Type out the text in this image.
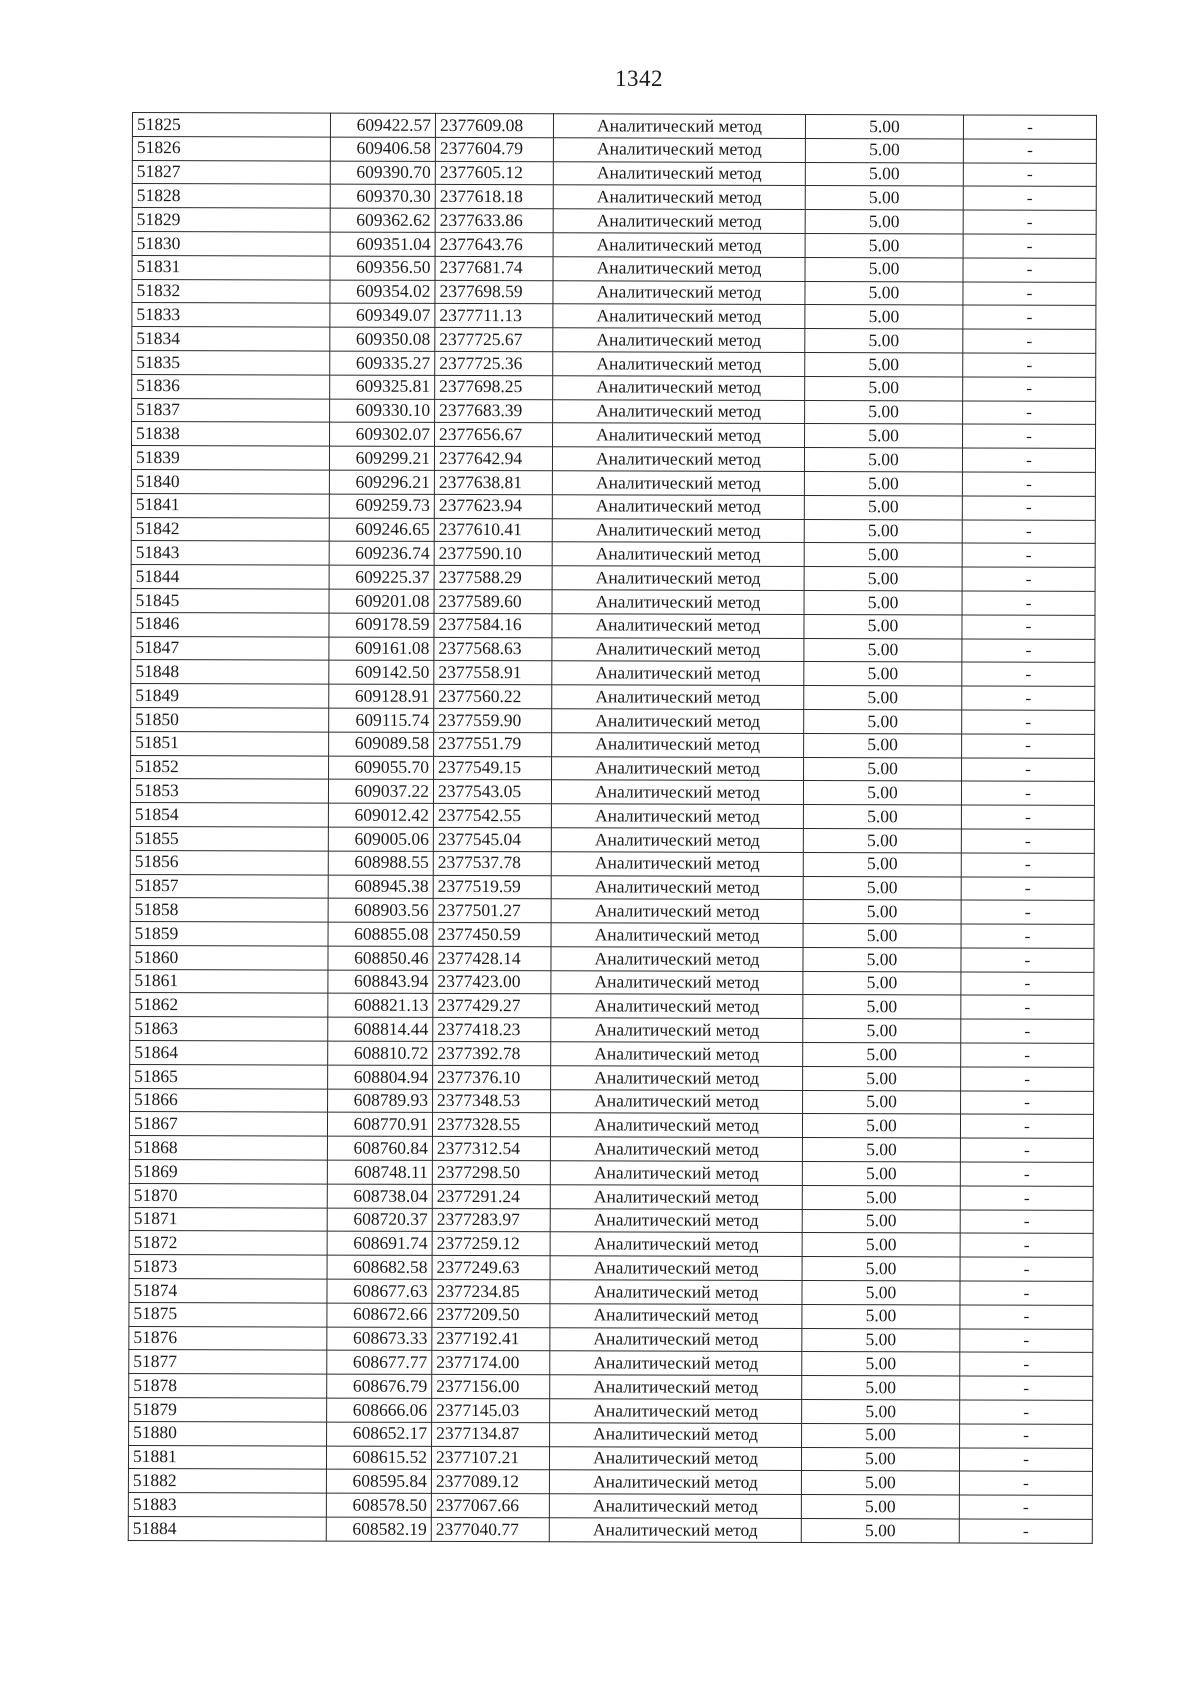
1342
51825	609422.57	2377609.08	Аналитический метод	5.00	-
51826	609406.58	2377604.79	Аналитический метод	5.00	-
51827	609390.70	2377605.12	Аналитический метод	5.00	-
51828	609370.30	2377618.18	Аналитический метод	5.00	-
51829	609362.62	2377633.86	Аналитический метод	5.00	-
51830	609351.04	2377643.76	Аналитический метод	5.00	-
51831	609356.50	2377681.74	Аналитический метод	5.00	-
51832	609354.02	2377698.59	Аналитический метод	5.00	-
51833	609349.07	2377711.13	Аналитический метод	5.00	-
51834	609350.08	2377725.67	Аналитический метод	5.00	-
51835	609335.27	2377725.36	Аналитический метод	5.00	-
51836	609325.81	2377698.25	Аналитический метод	5.00	-
51837	609330.10	2377683.39	Аналитический метод	5.00	-
51838	609302.07	2377656.67	Аналитический метод	5.00	-
51839	609299.21	2377642.94	Аналитический метод	5.00	-
51840	609296.21	2377638.81	Аналитический метод	5.00	-
51841	609259.73	2377623.94	Аналитический метод	5.00	-
51842	609246.65	2377610.41	Аналитический метод	5.00	-
51843	609236.74	2377590.10	Аналитический метод	5.00	-
51844	609225.37	2377588.29	Аналитический метод	5.00	-
51845	609201.08	2377589.60	Аналитический метод	5.00	-
51846	609178.59	2377584.16	Аналитический метод	5.00	-
51847	609161.08	2377568.63	Аналитический метод	5.00	-
51848	609142.50	2377558.91	Аналитический метод	5.00	-
51849	609128.91	2377560.22	Аналитический метод	5.00	-
51850	609115.74	2377559.90	Аналитический метод	5.00	-
51851	609089.58	2377551.79	Аналитический метод	5.00	-
51852	609055.70	2377549.15	Аналитический метод	5.00	-
51853	609037.22	2377543.05	Аналитический метод	5.00	-
51854	609012.42	2377542.55	Аналитический метод	5.00	-
51855	609005.06	2377545.04	Аналитический метод	5.00	-
51856	608988.55	2377537.78	Аналитический метод	5.00	-
51857	608945.38	2377519.59	Аналитический метод	5.00	-
51858	608903.56	2377501.27	Аналитический метод	5.00	-
51859	608855.08	2377450.59	Аналитический метод	5.00	-
51860	608850.46	2377428.14	Аналитический метод	5.00	-
51861	608843.94	2377423.00	Аналитический метод	5.00	-
51862	608821.13	2377429.27	Аналитический метод	5.00	-
51863	608814.44	2377418.23	Аналитический метод	5.00	-
51864	608810.72	2377392.78	Аналитический метод	5.00	-
51865	608804.94	2377376.10	Аналитический метод	5.00	-
51866	608789.93	2377348.53	Аналитический метод	5.00	-
51867	608770.91	2377328.55	Аналитический метод	5.00	-
51868	608760.84	2377312.54	Аналитический метод	5.00	-
51869	608748.11	2377298.50	Аналитический метод	5.00	-
51870	608738.04	2377291.24	Аналитический метод	5.00	-
51871	608720.37	2377283.97	Аналитический метод	5.00	-
51872	608691.74	2377259.12	Аналитический метод	5.00	-
51873	608682.58	2377249.63	Аналитический метод	5.00	-
51874	608677.63	2377234.85	Аналитический метод	5.00	-
51875	608672.66	2377209.50	Аналитический метод	5.00	-
51876	608673.33	2377192.41	Аналитический метод	5.00	-
51877	608677.77	2377174.00	Аналитический метод	5.00	-
51878	608676.79	2377156.00	Аналитический метод	5.00	-
51879	608666.06	2377145.03	Аналитический метод	5.00	-
51880	608652.17	2377134.87	Аналитический метод	5.00	-
51881	608615.52	2377107.21	Аналитический метод	5.00	-
51882	608595.84	2377089.12	Аналитический метод	5.00	-
51883	608578.50	2377067.66	Аналитический метод	5.00	-
51884	608582.19	2377040.77	Аналитический метод	5.00	-
